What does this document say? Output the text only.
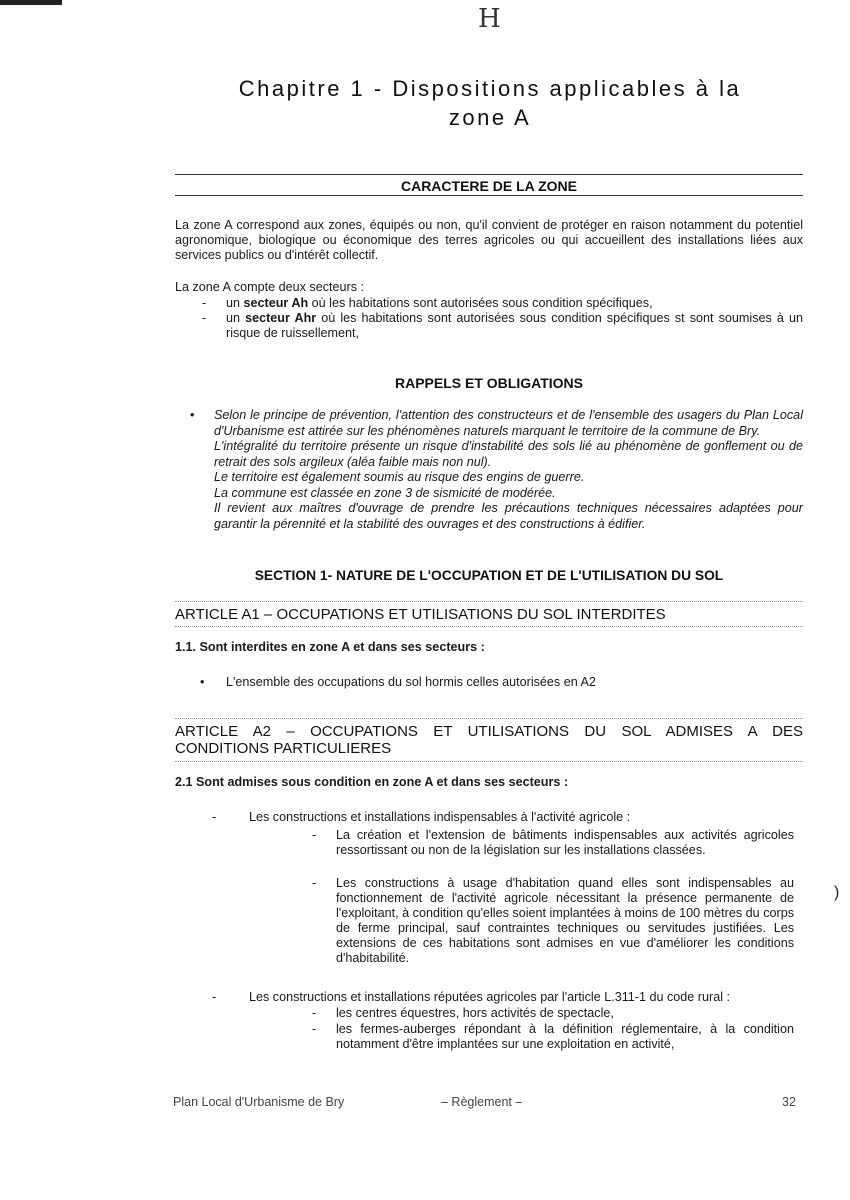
H
Chapitre 1 - Dispositions applicables à la
zone A
CARACTERE DE LA ZONE
La zone A correspond aux zones, équipés ou non, qu'il convient de protéger en raison notamment du potentiel agronomique, biologique ou économique des terres agricoles ou qui accueillent des installations liées aux services publics ou d'intérêt collectif.
La zone A compte deux secteurs :
- un secteur Ah où les habitations sont autorisées sous condition spécifiques,
- un secteur Ahr où les habitations sont autorisées sous condition spécifiques st sont soumises à un risque de ruissellement,
RAPPELS ET OBLIGATIONS
• Selon le principe de prévention, l'attention des constructeurs et de l'ensemble des usagers du Plan Local d'Urbanisme est attirée sur les phénomènes naturels marquant le territoire de la commune de Bry.
L'intégralité du territoire présente un risque d'instabilité des sols lié au phénomène de gonflement ou de retrait des sols argileux (aléa faible mais non nul).
Le territoire est également soumis au risque des engins de guerre.
La commune est classée en zone 3 de sismicité de modérée.
Il revient aux maîtres d'ouvrage de prendre les précautions techniques nécessaires adaptées pour garantir la pérennité et la stabilité des ouvrages et des constructions à édifier.
SECTION 1- NATURE DE L'OCCUPATION ET DE L'UTILISATION DU SOL
ARTICLE A1 – OCCUPATIONS ET UTILISATIONS DU SOL INTERDITES
1.1. Sont interdites en zone A et dans ses secteurs :
• L'ensemble des occupations du sol hormis celles autorisées en A2
ARTICLE A2 – OCCUPATIONS ET UTILISATIONS DU SOL ADMISES A DES
CONDITIONS PARTICULIERES
2.1 Sont admises sous condition en zone A et dans ses secteurs :
-	Les constructions et installations indispensables à l'activité agricole :
- La création et l'extension de bâtiments indispensables aux activités agricoles ressortissant ou non de la législation sur les installations classées.
- Les constructions à usage d'habitation quand elles sont indispensables au fonctionnement de l'activité agricole nécessitant la présence permanente de l'exploitant, à condition qu'elles soient implantées à moins de 100 mètres du corps de ferme principal, sauf contraintes techniques ou servitudes justifiées. Les extensions de ces habitations sont admises en vue d'améliorer les conditions d'habitabilité.
-	Les constructions et installations réputées agricoles par l'article L.311-1 du code rural :
- les centres équestres, hors activités de spectacle,
- les fermes-auberges répondant à la définition réglementaire, à la condition notamment d'être implantées sur une exploitation en activité,
)
Plan Local d'Urbanisme de Bry	– Règlement –	32
